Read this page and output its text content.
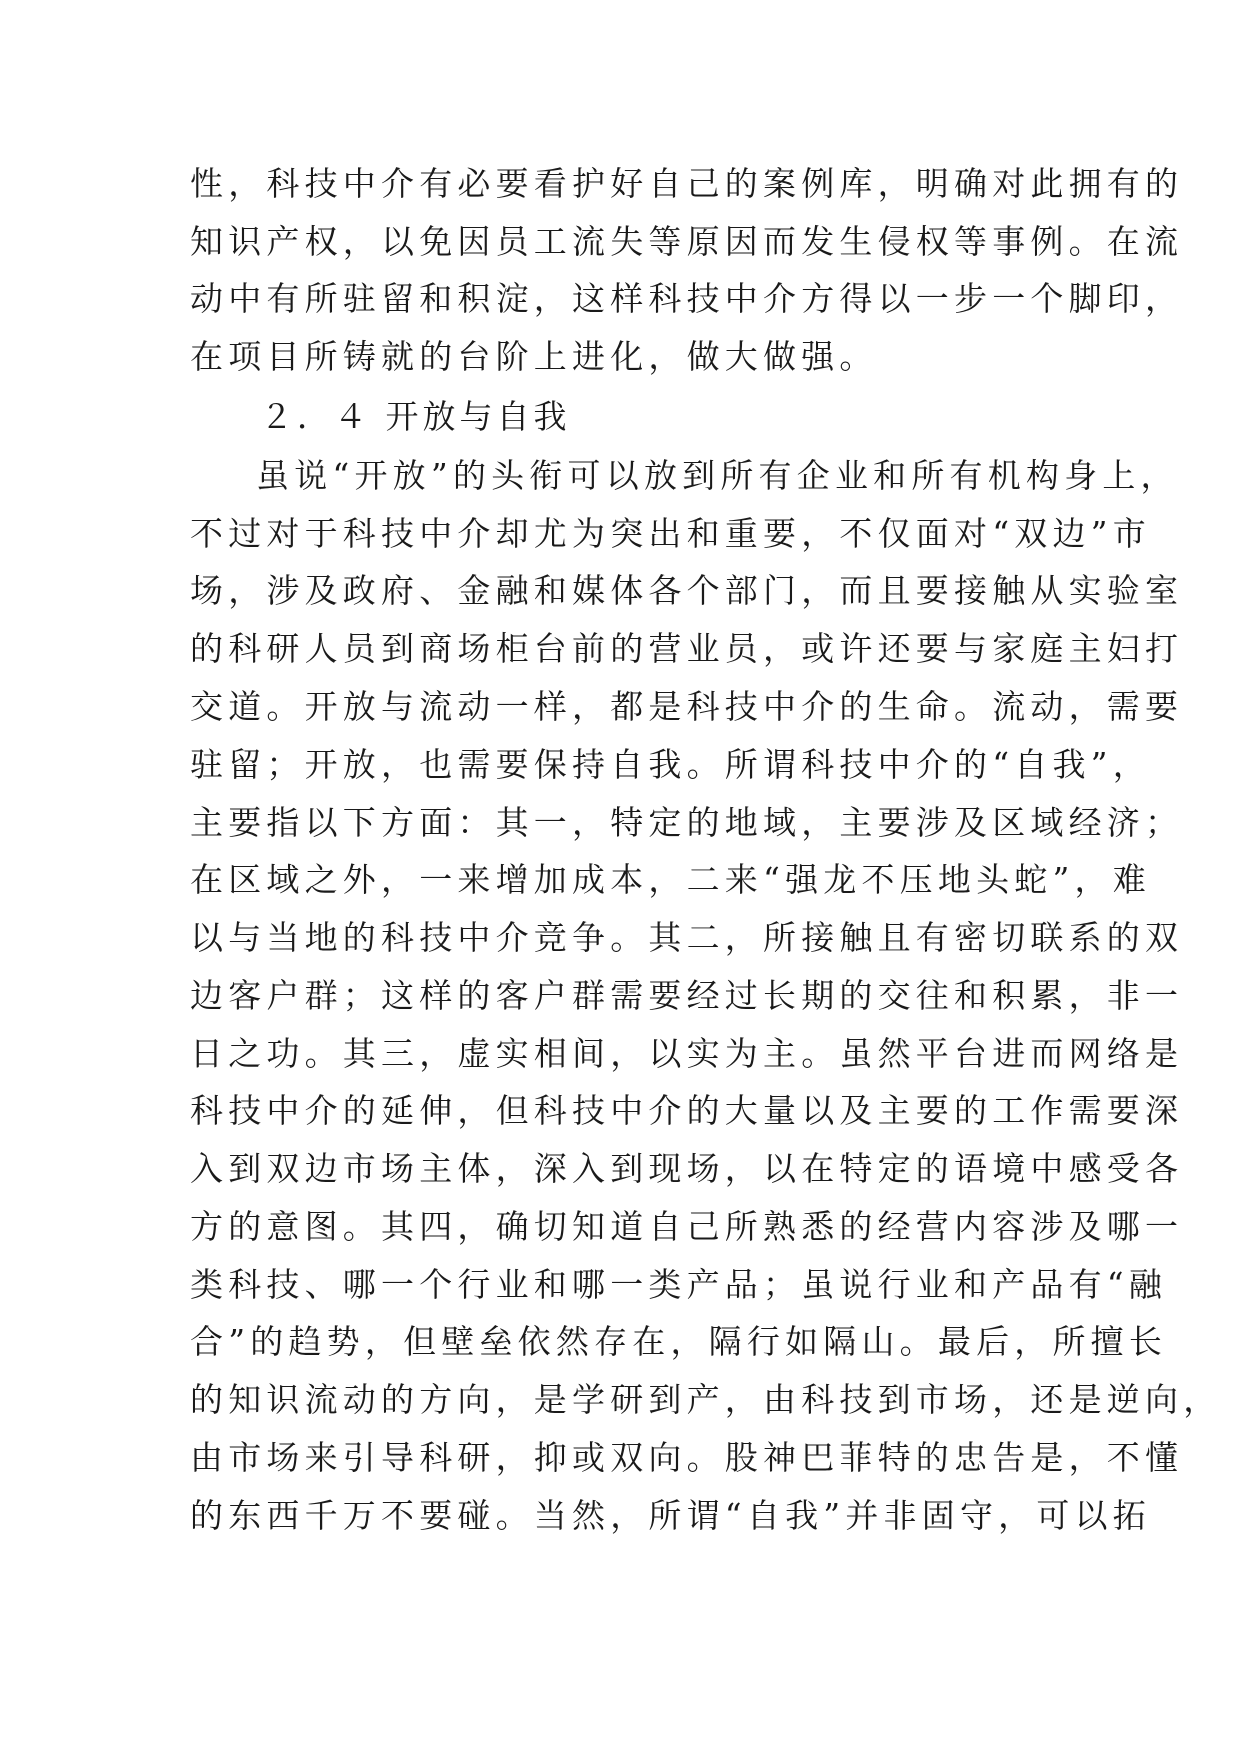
性，科技中介有必要看护好自己的案例库，明确对此拥有的
知识产权，以免因员工流失等原因而发生侵权等事例。在流
动中有所驻留和积淀，这样科技中介方得以一步一个脚印，
在项目所铸就的台阶上进化，做大做强。
２．４ 开放与自我
虽说“开放”的头衔可以放到所有企业和所有机构身上，
不过对于科技中介却尤为突出和重要，不仅面对“双边”市
场，涉及政府、金融和媒体各个部门，而且要接触从实验室
的科研人员到商场柜台前的营业员，或许还要与家庭主妇打
交道。开放与流动一样，都是科技中介的生命。流动，需要
驻留；开放，也需要保持自我。所谓科技中介的“自我”，
主要指以下方面：其一，特定的地域，主要涉及区域经济；
在区域之外，一来增加成本，二来“强龙不压地头蛇”，难
以与当地的科技中介竞争。其二，所接触且有密切联系的双
边客户群；这样的客户群需要经过长期的交往和积累，非一
日之功。其三，虚实相间，以实为主。虽然平台进而网络是
科技中介的延伸，但科技中介的大量以及主要的工作需要深
入到双边市场主体，深入到现场，以在特定的语境中感受各
方的意图。其四，确切知道自己所熟悉的经营内容涉及哪一
类科技、哪一个行业和哪一类产品；虽说行业和产品有“融
合”的趋势，但壁垒依然存在，隔行如隔山。最后，所擅长
的知识流动的方向，是学研到产，由科技到市场，还是逆向，
由市场来引导科研，抑或双向。股神巴菲特的忠告是，不懂
的东西千万不要碰。当然，所谓“自我”并非固守，可以拓
